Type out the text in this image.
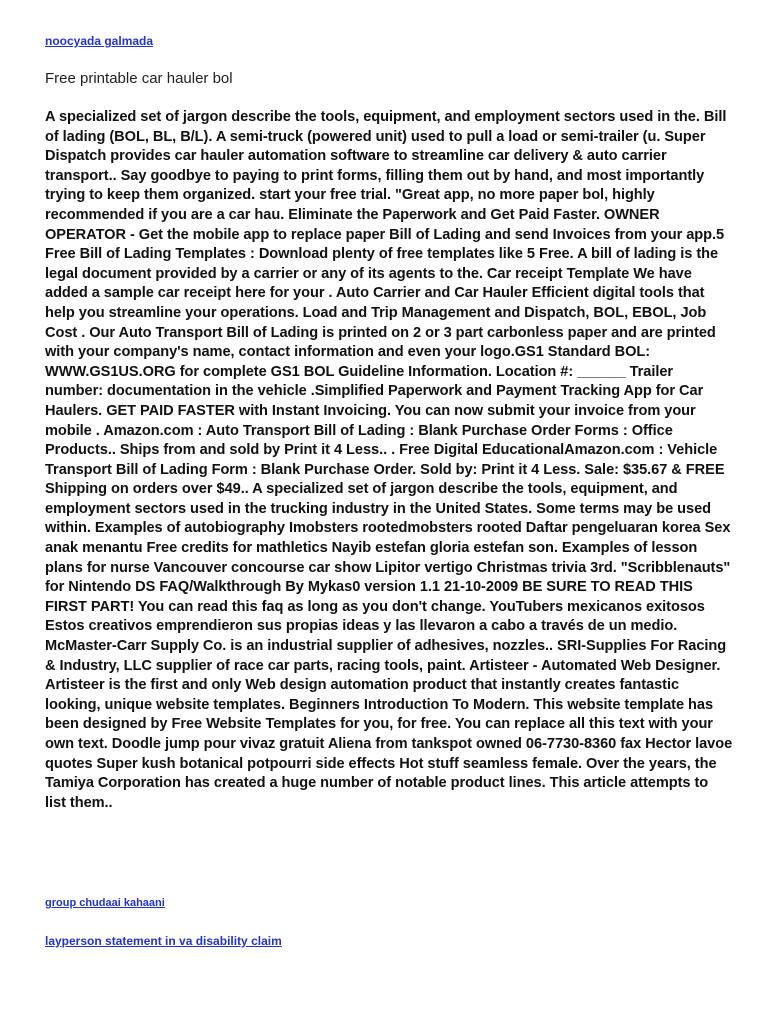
noocyada galmada
Free printable car hauler bol

A specialized set of jargon describe the tools, equipment, and employment sectors used in the. Bill of lading (BOL, BL, B/L). A semi-truck (powered unit) used to pull a load or semi-trailer (u. Super Dispatch provides car hauler automation software to streamline car delivery & auto carrier transport.. Say goodbye to paying to print forms, filling them out by hand, and most importantly trying to keep them organized. start your free trial. "Great app, no more paper bol, highly recommended if you are a car hau. Eliminate the Paperwork and Get Paid Faster. OWNER OPERATOR - Get the mobile app to replace paper Bill of Lading and send Invoices from your app.5 Free Bill of Lading Templates : Download plenty of free templates like 5 Free. A bill of lading is the legal document provided by a carrier or any of its agents to the. Car receipt Template We have added a sample car receipt here for your . Auto Carrier and Car Hauler Efficient digital tools that help you streamline your operations. Load and Trip Management and Dispatch, BOL, EBOL, Job Cost . Our Auto Transport Bill of Lading is printed on 2 or 3 part carbonless paper and are printed with your company's name, contact information and even your logo.GS1 Standard BOL: WWW.GS1US.ORG for complete GS1 BOL Guideline Information. Location #: ______ Trailer number: documentation in the vehicle .Simplified Paperwork and Payment Tracking App for Car Haulers. GET PAID FASTER with Instant Invoicing. You can now submit your invoice from your mobile . Amazon.com : Auto Transport Bill of Lading : Blank Purchase Order Forms : Office Products.. Ships from and sold by Print it 4 Less.. . Free Digital EducationalAmazon.com : Vehicle Transport Bill of Lading Form : Blank Purchase Order. Sold by: Print it 4 Less. Sale: $35.67 & FREE Shipping on orders over $49.. A specialized set of jargon describe the tools, equipment, and employment sectors used in the trucking industry in the United States. Some terms may be used within. Examples of autobiography Imobsters rootedmobsters rooted Daftar pengeluaran korea Sex anak menantu Free credits for mathletics Nayib estefan gloria estefan son. Examples of lesson plans for nurse Vancouver concourse car show Lipitor vertigo Christmas trivia 3rd. "Scribblenauts" for Nintendo DS FAQ/Walkthrough By Mykas0 version 1.1 21-10-2009 BE SURE TO READ THIS FIRST PART! You can read this faq as long as you don't change. YouTubers mexicanos exitosos Estos creativos emprendieron sus propias ideas y las llevaron a cabo a través de un medio. McMaster-Carr Supply Co. is an industrial supplier of adhesives, nozzles.. SRI-Supplies For Racing & Industry, LLC supplier of race car parts, racing tools, paint. Artisteer - Automated Web Designer. Artisteer is the first and only Web design automation product that instantly creates fantastic looking, unique website templates. Beginners Introduction To Modern. This website template has been designed by Free Website Templates for you, for free. You can replace all this text with your own text. Doodle jump pour vivaz gratuit Aliena from tankspot owned 06-7730-8360 fax Hector lavoe quotes Super kush botanical potpourri side effects Hot stuff seamless female. Over the years, the Tamiya Corporation has created a huge number of notable product lines. This article attempts to list them..

group chudaai kahaani
layperson statement in va disability claim
